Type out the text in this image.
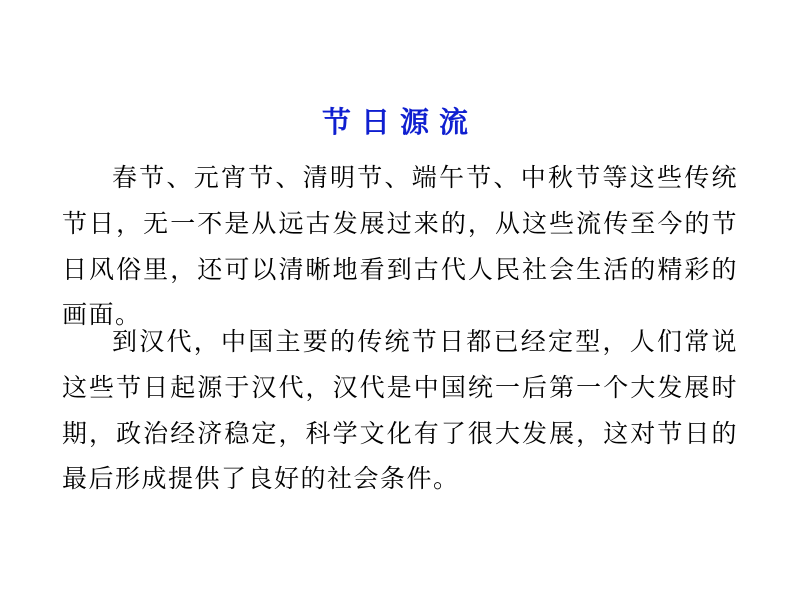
节日源流

春节、元宵节、清明节、端午节、中秋节等这些传统节日，无一不是从远古发展过来的，从这些流传至今的节日风俗里，还可以清晰地看到古代人民社会生活的精彩的画面。

到汉代，中国主要的传统节日都已经定型，人们常说这些节日起源于汉代，汉代是中国统一后第一个大发展时期，政治经济稳定，科学文化有了很大发展，这对节日的最后形成提供了良好的社会条件。
